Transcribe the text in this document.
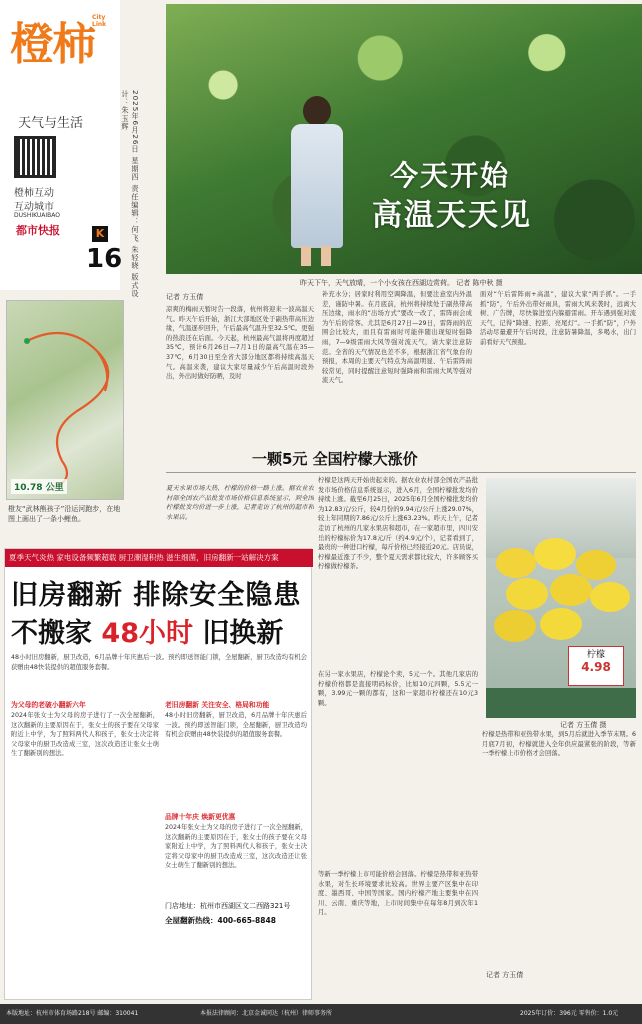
橙柿
City Link
天气与生活
橙柿互动
互动城市
DUSHIKUAIBAO
都市快报	K
16	2025年6月26日 星期四 责任编辑：何飞 朱轻晓 版式设计：朱玉辉
今天开始
高温天天见
昨天下午，天气放晴，一个小女孩在西湖边赏荷。 记者 陈中秋 摄
记者 方玉倩
凉爽的梅雨天暂时告一段落，杭州将迎来一波高温天气。昨天午后开始，浙江大部地区处于副热带高压边缘，气温逐步回升，午后最高气温升至32.5℃。更强的热浪还在后面。今天起，杭州最高气温将再度超过35℃，预计6月26日—7月1日的最高气温在35—37℃，6月30日至全省大部分地区都将持续高温天气。高温来袭，建议大家尽量减少午后高温时段外出，外出时做好防晒，及时
补充水分；居家时利用空调降温，但要注意室内外温差，谨防中暑。在月底前，杭州将持续处于副热带高压边缘，雨水的“出场方式”要改一改了，雷阵雨会成为午后的常客。尤其是6月27日—29日，雷阵雨的范围会比较大，而且有雷雨时可能伴随出现短时强降雨，7—9级雷雨大风等强对流天气，请大家注意防范。全省的天气情况也差不多，根据浙江省气象台的预报，本周的主要天气特点为高温明显、午后雷阵雨较常见，同时提醒注意短时强降雨和雷雨大风等强对流天气。
面对“午后雷阵雨+高温”，建议大家“两手抓”。一手抓“防”，午后外出带好雨具，雷雨大风来袭时，远离大树、广告牌，尽快躲进室内躲避雷雨。开车遇到强对流天气，记得“降速、控距、亮尾灯”。一手抓“防”，户外活动尽量避开午后时段，注意防暑降温，多喝水，出门前看好天气预报。
10.78 公里
橙友“武林熊孩子”沿运河跑步，在地图上画出了一条小鲤鱼。
一颗5元 全国柠檬大涨价
夏天水果市场大热，柠檬的价格一路上涨。据农业农村部全国农产品批发市场价格信息系统显示，到全国柠檬批发均价进一步上涨，记者走访了杭州的超市和水果店。
柠檬是这两天开始贵起来的。据农业农村部全国农产品批发市场价格信息系统显示，进入6月，全国柠檬批发均价持续上涨。截至6月25日，2025年6月全国柠檬批发均价为12.83元/公斤，较4月份的9.94元/公斤上涨29.07%，较上年同期的7.86元/公斤上涨63.23%。昨天上午，记者走访了杭州的几家水果店和超市，在一家超市里，四川安岳的柠檬标价为17.8元/斤（约4.9元/个），记者看到了，最贵的一种进口柠檬，每斤价格已经接近20元。店员说，柠檬最近涨了不少，整个夏天需求都比较大，许多顾客买柠檬做柠檬茶。
在另一家水果店，柠檬论个卖，5元一个。其他几家店的柠檬价格都是直接明码标价，比如10元四颗，5.5元一颗，3.99元一颗的都有，这和一家超市柠檬还在10元3颗。
等新一季柠檬上市可能价格会回落。柠檬是热带和亚热带水果，对生长环境要求比较高。世界主要产区集中在印度、墨西哥、中国等国家。国内柠檬产地主要集中在四川、云南、重庆等地，上市时间集中在每年8月到次年1月。
柠檬是热带和亚热带水果，到5月后就进入季节末期。6月底7月初，柠檬就进入全年供应最紧张的阶段，等新一季柠檬上市价格才会回落。
柠檬
4.98
记者 方玉倩 摄
记者 方玉倩
夏季天气炎热 家电设备频繁超载 厨卫潮湿积热 滋生细菌，旧房翻新一站解决方案
旧房翻新 排除安全隐患
不搬家 48小时 旧换新
48小时旧房翻新，厨卫改造，6月品牌十年庆惠后一波。预约即送智能门锁，全屋翻新，厨卫改造均有机会获赠由48快装提供的超值服务套餐。
为父母的老破小翻新六年
2024年张女士为父母的房子进行了一次全屋翻新，这次翻新的主要原因在于，张女士的孩子要在父母家附近上中学，为了照料两代人和孩子，张女士决定将父母家中的厨卫改造成三室，这次改造还让张女士萌生了翻新别的想法。
老旧房翻新 关注安全、格局和功能
48小时旧房翻新，厨卫改造，6月品牌十年庆惠后一波。预约即送智能门锁，全屋翻新，厨卫改造均有机会获赠由48快装提供的超值服务套餐。
品牌十年庆 焕新更优惠
2024年张女士为父母的房子进行了一次全屋翻新，这次翻新的主要原因在于，张女士的孩子要在父母家附近上中学，为了照料两代人和孩子，张女士决定将父母家中的厨卫改造成三室，这次改造还让张女士萌生了翻新别的想法。
门店地址：杭州市西湖区文二西路321号
全屋翻新热线：400-665-8848
本版地址：杭州市体育场路218号 邮编：310041	本报法律顾问：北京金诚同达（杭州）律师事务所	2025年订价：396元 零售价：1.0元
